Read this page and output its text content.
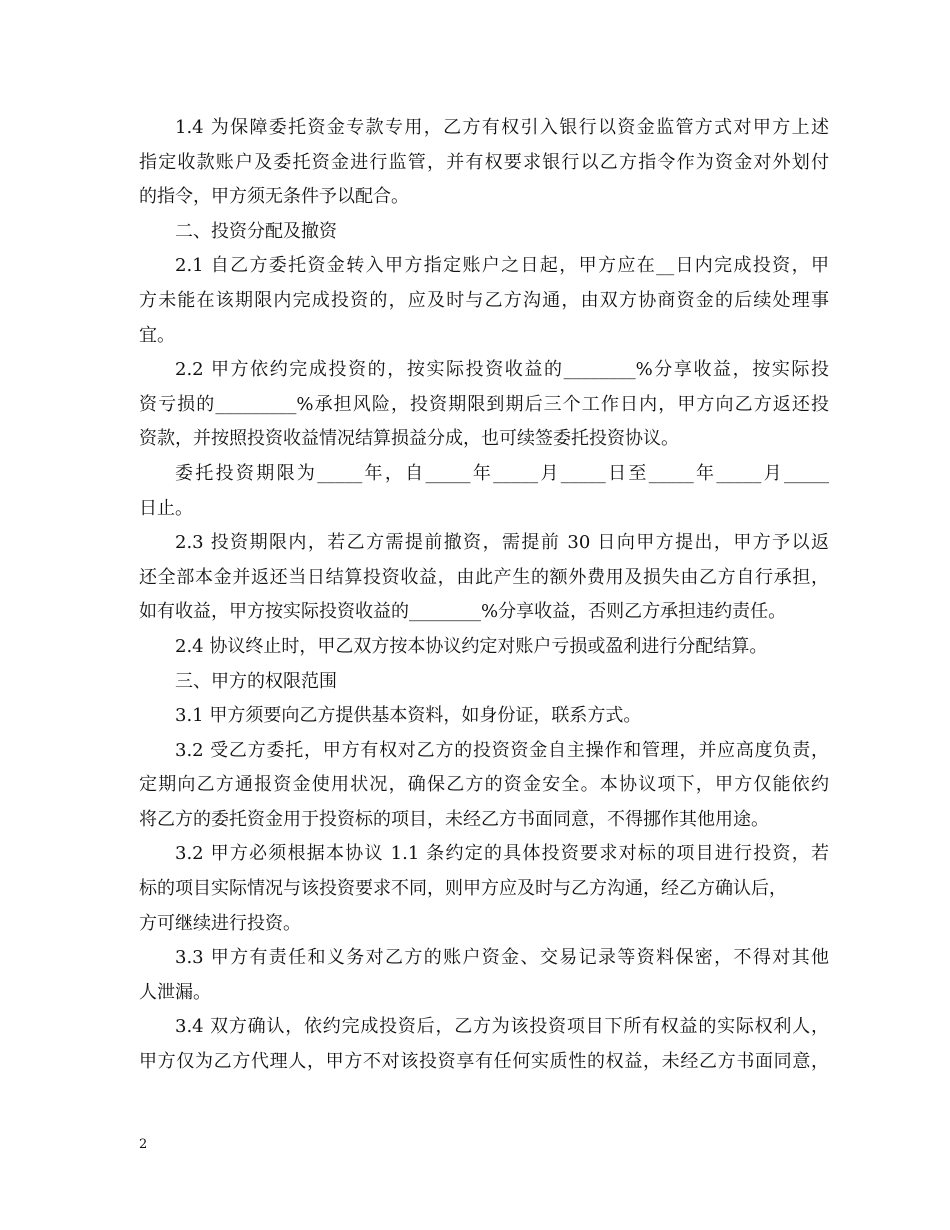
1.4 为保障委托资金专款专用，乙方有权引入银行以资金监管方式对甲方上述
指定收款账户及委托资金进行监管，并有权要求银行以乙方指令作为资金对外划付
的指令，甲方须无条件予以配合。
二、投资分配及撤资
2.1 自乙方委托资金转入甲方指定账户之日起，甲方应在__日内完成投资，甲
方未能在该期限内完成投资的，应及时与乙方沟通，由双方协商资金的后续处理事
宜。
2.2 甲方依约完成投资的，按实际投资收益的________%分享收益，按实际投
资亏损的_________%承担风险，投资期限到期后三个工作日内，甲方向乙方返还投
资款，并按照投资收益情况结算损益分成，也可续签委托投资协议。
委托投资期限为_____年，自_____年_____月_____日至_____年_____月_____
日止。
2.3 投资期限内，若乙方需提前撤资，需提前 30 日向甲方提出，甲方予以返
还全部本金并返还当日结算投资收益，由此产生的额外费用及损失由乙方自行承担，
如有收益，甲方按实际投资收益的________%分享收益，否则乙方承担违约责任。
2.4 协议终止时，甲乙双方按本协议约定对账户亏损或盈利进行分配结算。
三、甲方的权限范围
3.1 甲方须要向乙方提供基本资料，如身份证，联系方式。
3.2 受乙方委托，甲方有权对乙方的投资资金自主操作和管理，并应高度负责，
定期向乙方通报资金使用状况，确保乙方的资金安全。本协议项下，甲方仅能依约
将乙方的委托资金用于投资标的项目，未经乙方书面同意，不得挪作其他用途。
3.2 甲方必须根据本协议 1.1 条约定的具体投资要求对标的项目进行投资，若
标的项目实际情况与该投资要求不同，则甲方应及时与乙方沟通，经乙方确认后，
方可继续进行投资。
3.3 甲方有责任和义务对乙方的账户资金、交易记录等资料保密，不得对其他
人泄漏。
3.4 双方确认，依约完成投资后，乙方为该投资项目下所有权益的实际权利人，
甲方仅为乙方代理人，甲方不对该投资享有任何实质性的权益，未经乙方书面同意，
2
